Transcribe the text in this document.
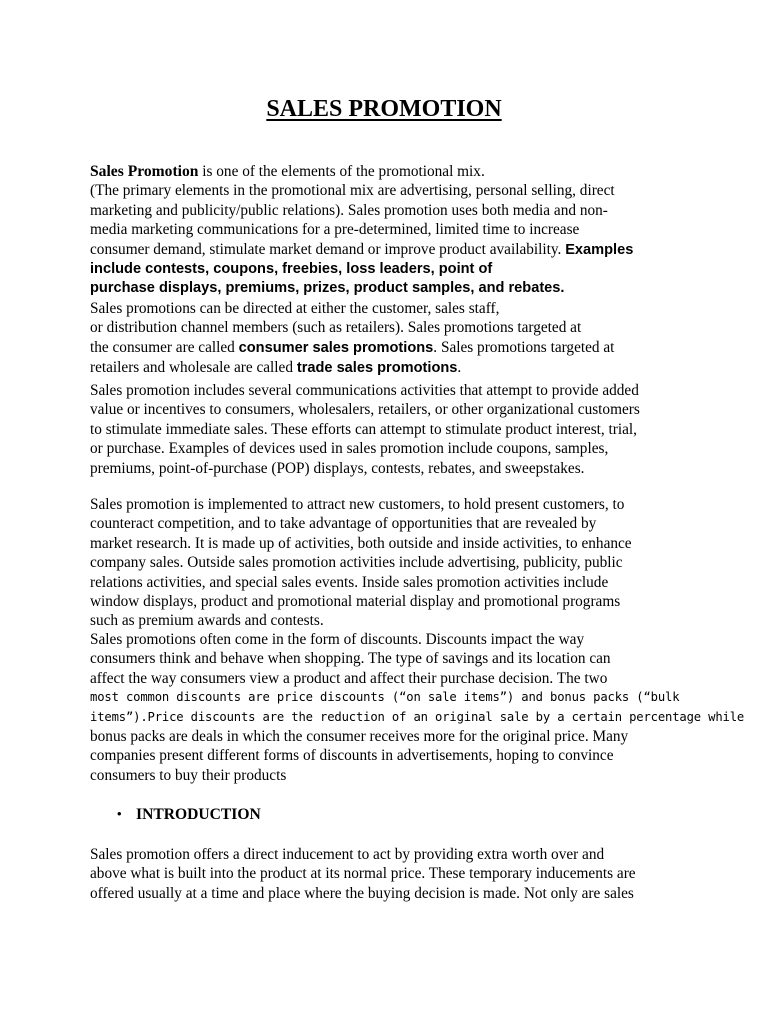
SALES PROMOTION

Sales Promotion is one of the elements of the promotional mix.
(The primary elements in the promotional mix are advertising, personal selling, direct
marketing and publicity/public relations). Sales promotion uses both media and non-
media marketing communications for a pre-determined, limited time to increase
consumer demand, stimulate market demand or improve product availability. Examples
include contests, coupons, freebies, loss leaders, point of
purchase displays, premiums, prizes, product samples, and rebates.
Sales promotions can be directed at either the customer, sales staff,
or distribution channel members (such as retailers). Sales promotions targeted at
the consumer are called consumer sales promotions. Sales promotions targeted at
retailers and wholesale are called trade sales promotions.

Sales promotion includes several communications activities that attempt to provide added
value or incentives to consumers, wholesalers, retailers, or other organizational customers
to stimulate immediate sales. These efforts can attempt to stimulate product interest, trial,
or purchase. Examples of devices used in sales promotion include coupons, samples,
premiums, point-of-purchase (POP) displays, contests, rebates, and sweepstakes.

Sales promotion is implemented to attract new customers, to hold present customers, to
counteract competition, and to take advantage of opportunities that are revealed by
market research. It is made up of activities, both outside and inside activities, to enhance
company sales. Outside sales promotion activities include advertising, publicity, public
relations activities, and special sales events. Inside sales promotion activities include
window displays, product and promotional material display and promotional programs
such as premium awards and contests.

Sales promotions often come in the form of discounts. Discounts impact the way
consumers think and behave when shopping. The type of savings and its location can
affect the way consumers view a product and affect their purchase decision. The two
most common discounts are price discounts (“on sale items”) and bonus packs (“bulk
items”).Price discounts are the reduction of an original sale by a certain percentage while
bonus packs are deals in which the consumer receives more for the original price. Many
companies present different forms of discounts in advertisements, hoping to convince
consumers to buy their products

• INTRODUCTION

Sales promotion offers a direct inducement to act by providing extra worth over and
above what is built into the product at its normal price. These temporary inducements are
offered usually at a time and place where the buying decision is made. Not only are sales
